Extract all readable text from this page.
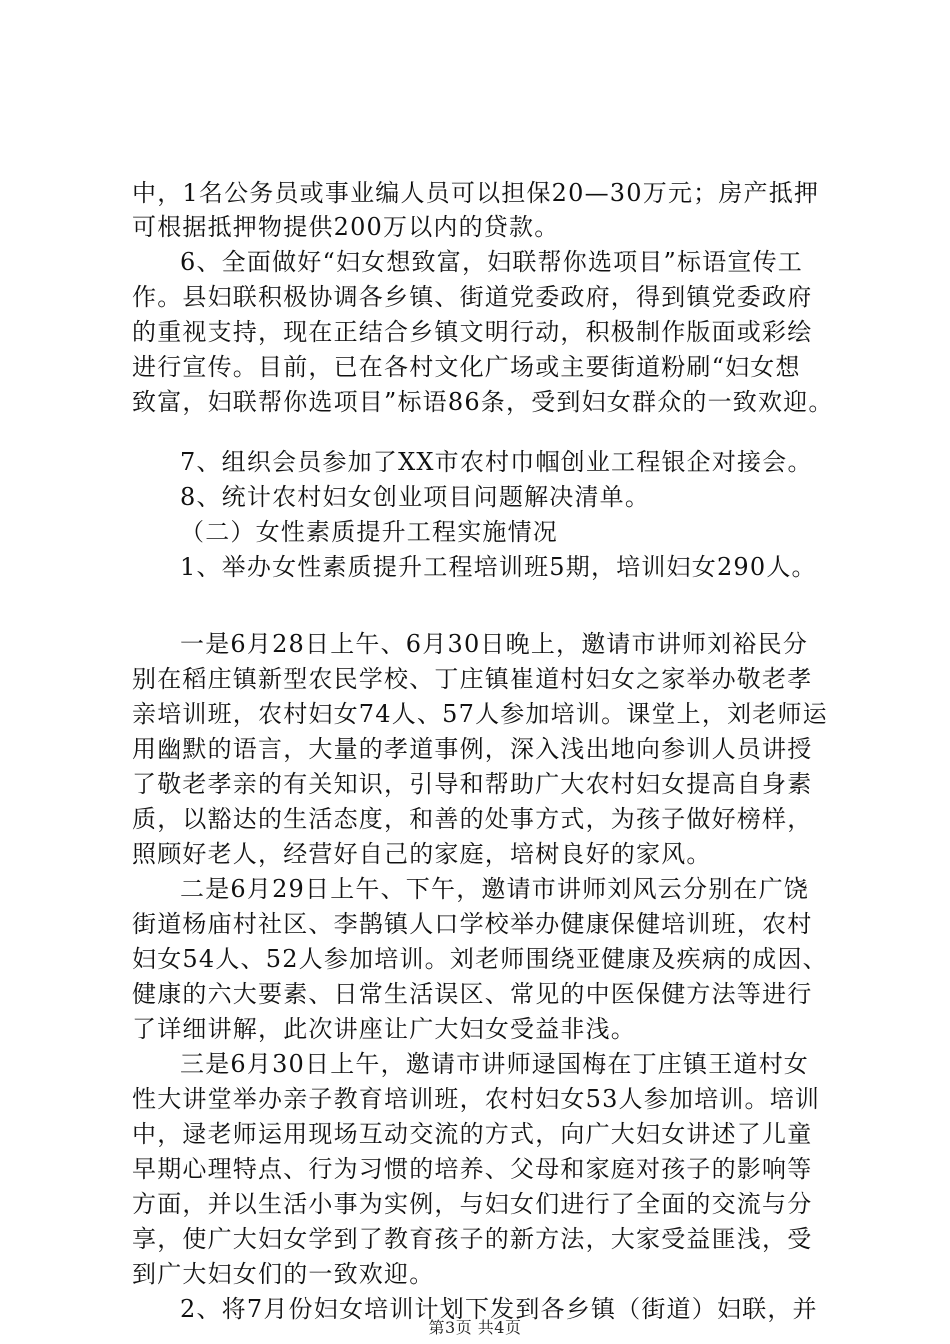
中，1名公务员或事业编人员可以担保20—30万元；房产抵押
可根据抵押物提供200万以内的贷款。
6、全面做好“妇女想致富，妇联帮你选项目”标语宣传工
作。县妇联积极协调各乡镇、街道党委政府，得到镇党委政府
的重视支持，现在正结合乡镇文明行动，积极制作版面或彩绘
进行宣传。目前，已在各村文化广场或主要街道粉刷“妇女想
致富，妇联帮你选项目”标语86条，受到妇女群众的一致欢迎。
7、组织会员参加了XX市农村巾帼创业工程银企对接会。
8、统计农村妇女创业项目问题解决清单。
（二）女性素质提升工程实施情况
1、举办女性素质提升工程培训班5期，培训妇女290人。
一是6月28日上午、6月30日晚上，邀请市讲师刘裕民分
别在稻庄镇新型农民学校、丁庄镇崔道村妇女之家举办敬老孝
亲培训班，农村妇女74人、57人参加培训。课堂上，刘老师运
用幽默的语言，大量的孝道事例，深入浅出地向参训人员讲授
了敬老孝亲的有关知识，引导和帮助广大农村妇女提高自身素
质，以豁达的生活态度，和善的处事方式，为孩子做好榜样，
照顾好老人，经营好自己的家庭，培树良好的家风。
二是6月29日上午、下午，邀请市讲师刘风云分别在广饶
街道杨庙村社区、李鹊镇人口学校举办健康保健培训班，农村
妇女54人、52人参加培训。刘老师围绕亚健康及疾病的成因、
健康的六大要素、日常生活误区、常见的中医保健方法等进行
了详细讲解，此次讲座让广大妇女受益非浅。
三是6月30日上午，邀请市讲师逯国梅在丁庄镇王道村女
性大讲堂举办亲子教育培训班，农村妇女53人参加培训。培训
中，逯老师运用现场互动交流的方式，向广大妇女讲述了儿童
早期心理特点、行为习惯的培养、父母和家庭对孩子的影响等
方面，并以生活小事为实例，与妇女们进行了全面的交流与分
享，使广大妇女学到了教育孩子的新方法，大家受益匪浅，受
到广大妇女们的一致欢迎。
2、将7月份妇女培训计划下发到各乡镇（街道）妇联，并
第3页 共4页
